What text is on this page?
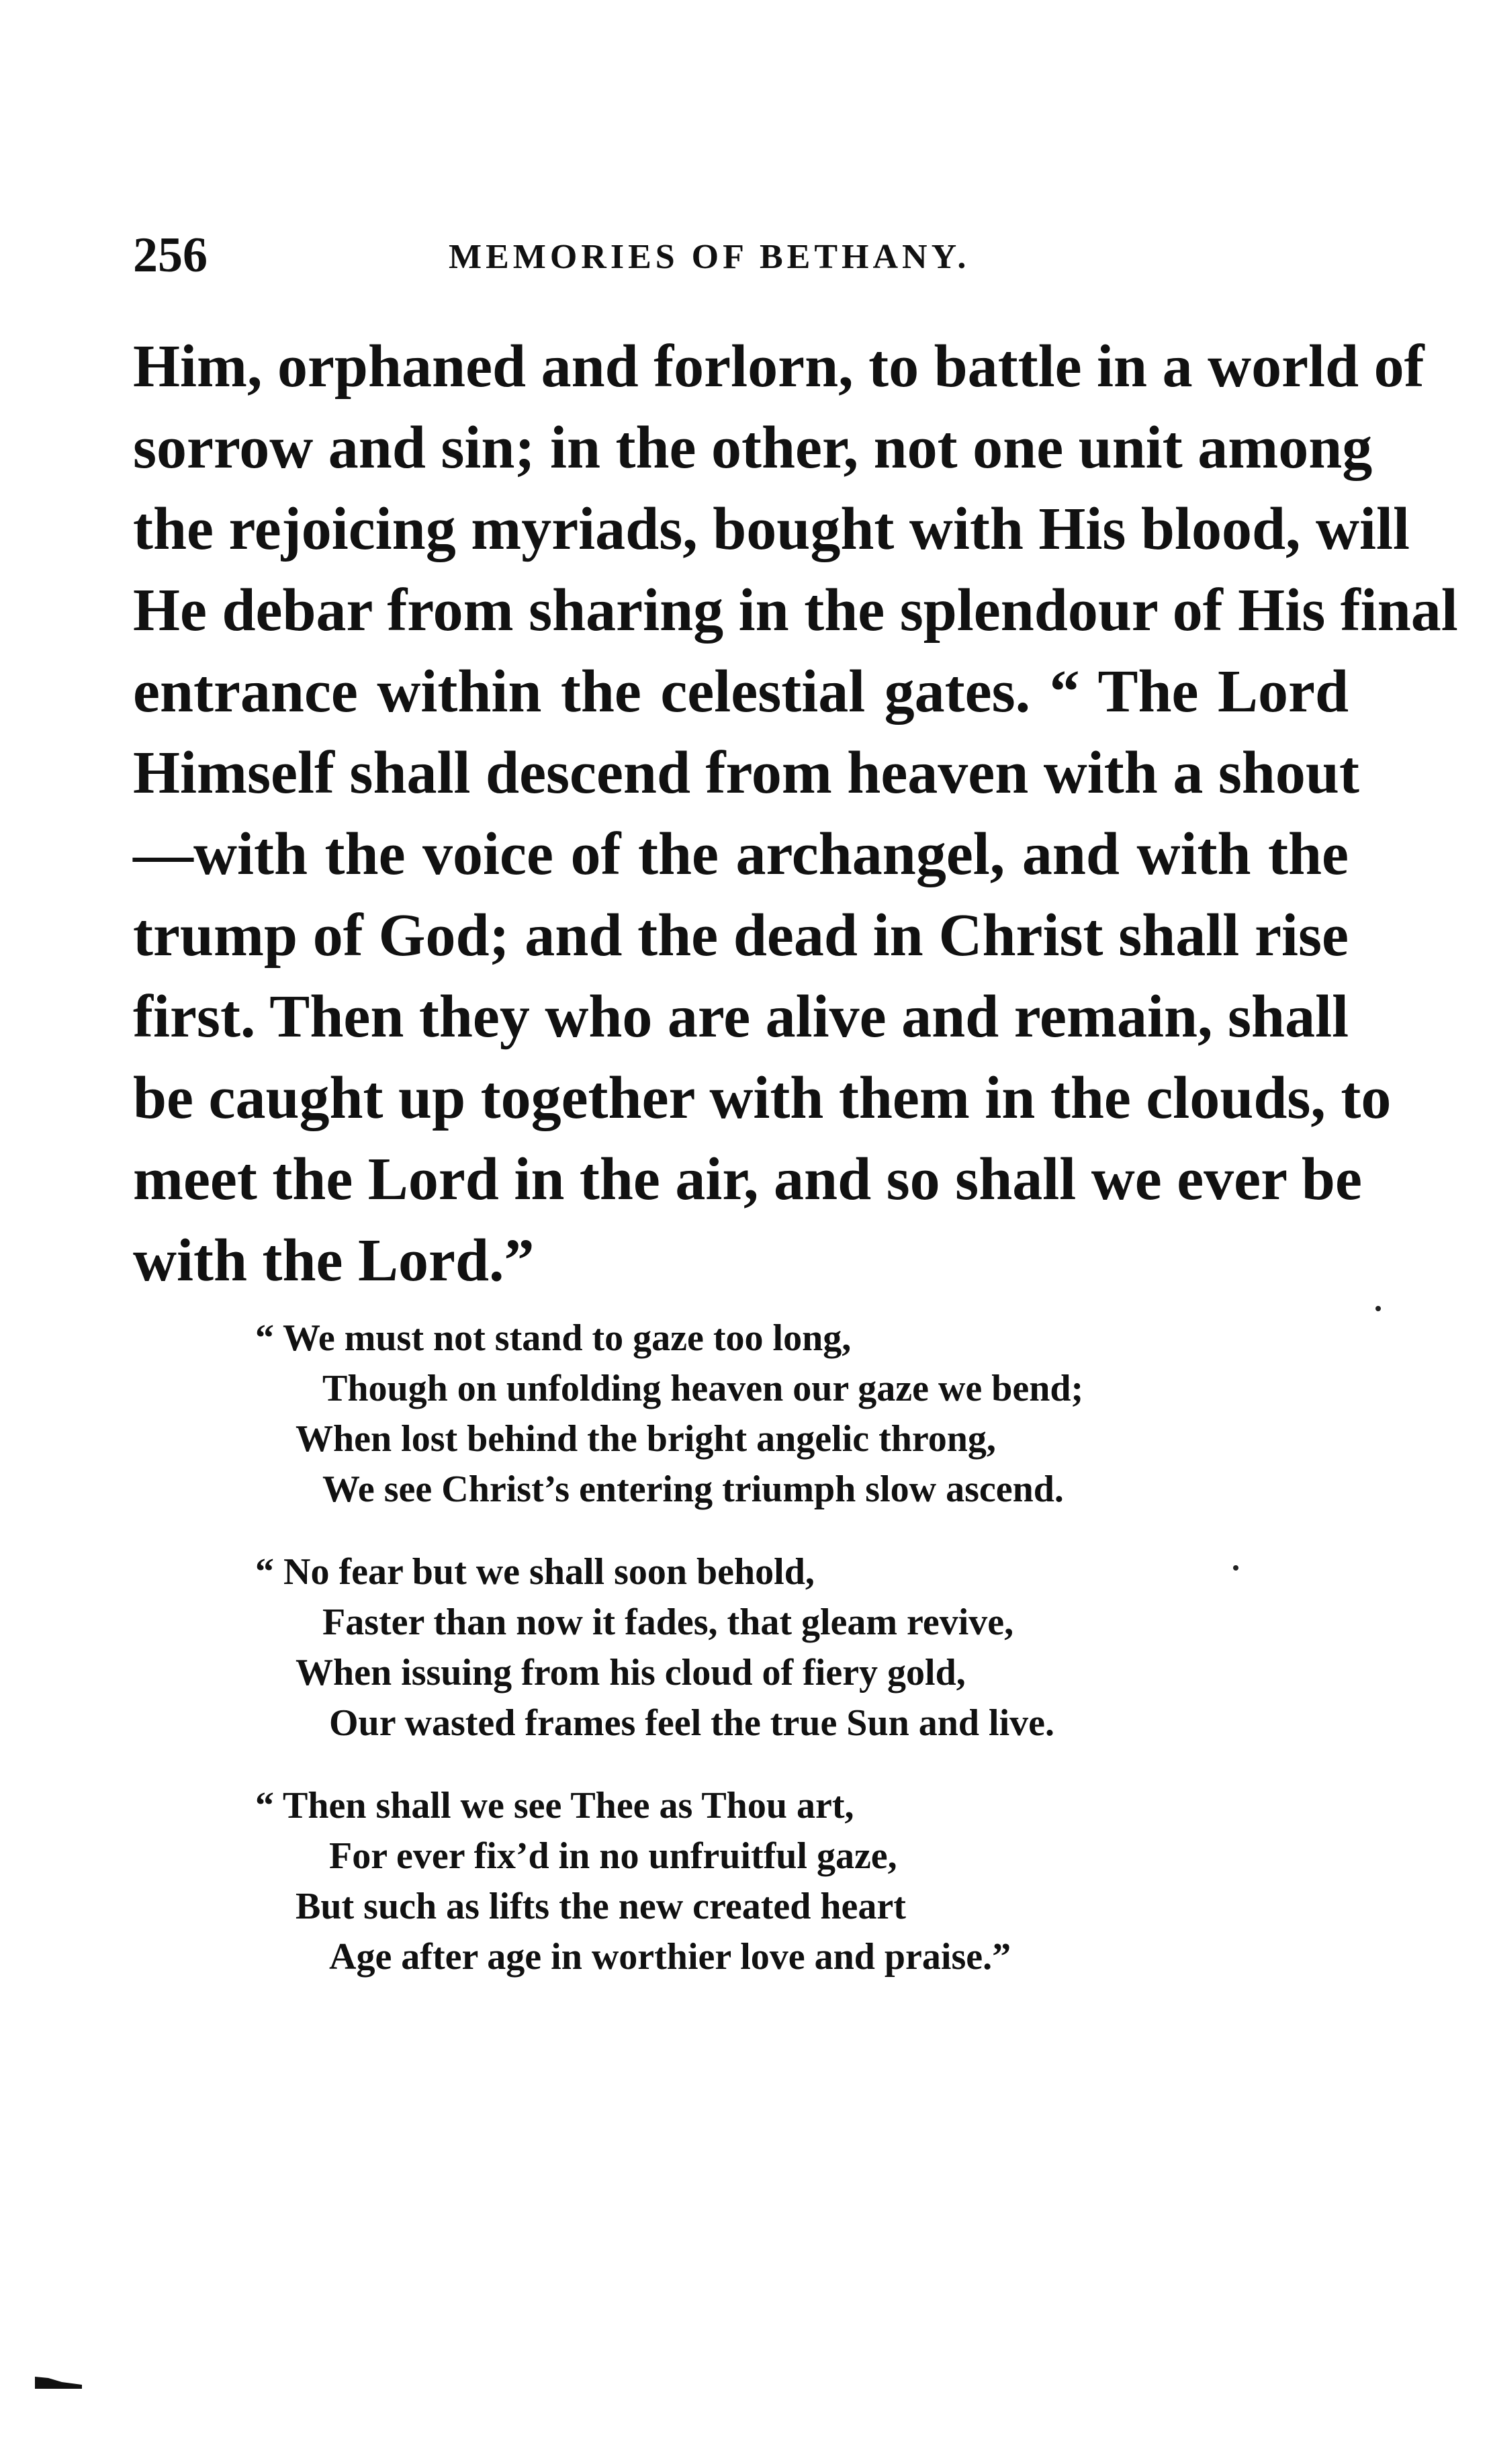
256	MEMORIES OF BETHANY.
Him, orphaned and forlorn, to battle in a world of
sorrow and sin; in the other, not one unit among
the rejoicing myriads, bought with His blood, will
He debar from sharing in the splendour of His final
entrance within the celestial gates. “ The Lord
Himself shall descend from heaven with a shout
—with the voice of the archangel, and with the
trump of God; and the dead in Christ shall rise
first. Then they who are alive and remain, shall
be caught up together with them in the clouds, to
meet the Lord in the air, and so shall we ever be
with the Lord.”
“ We must not stand to gaze too long,
Though on unfolding heaven our gaze we bend;
When lost behind the bright angelic throng,
We see Christ’s entering triumph slow ascend.
“ No fear but we shall soon behold,
Faster than now it fades, that gleam revive,
When issuing from his cloud of fiery gold,
Our wasted frames feel the true Sun and live.
“ Then shall we see Thee as Thou art,
For ever fix’d in no unfruitful gaze,
But such as lifts the new created heart
Age after age in worthier love and praise.”
